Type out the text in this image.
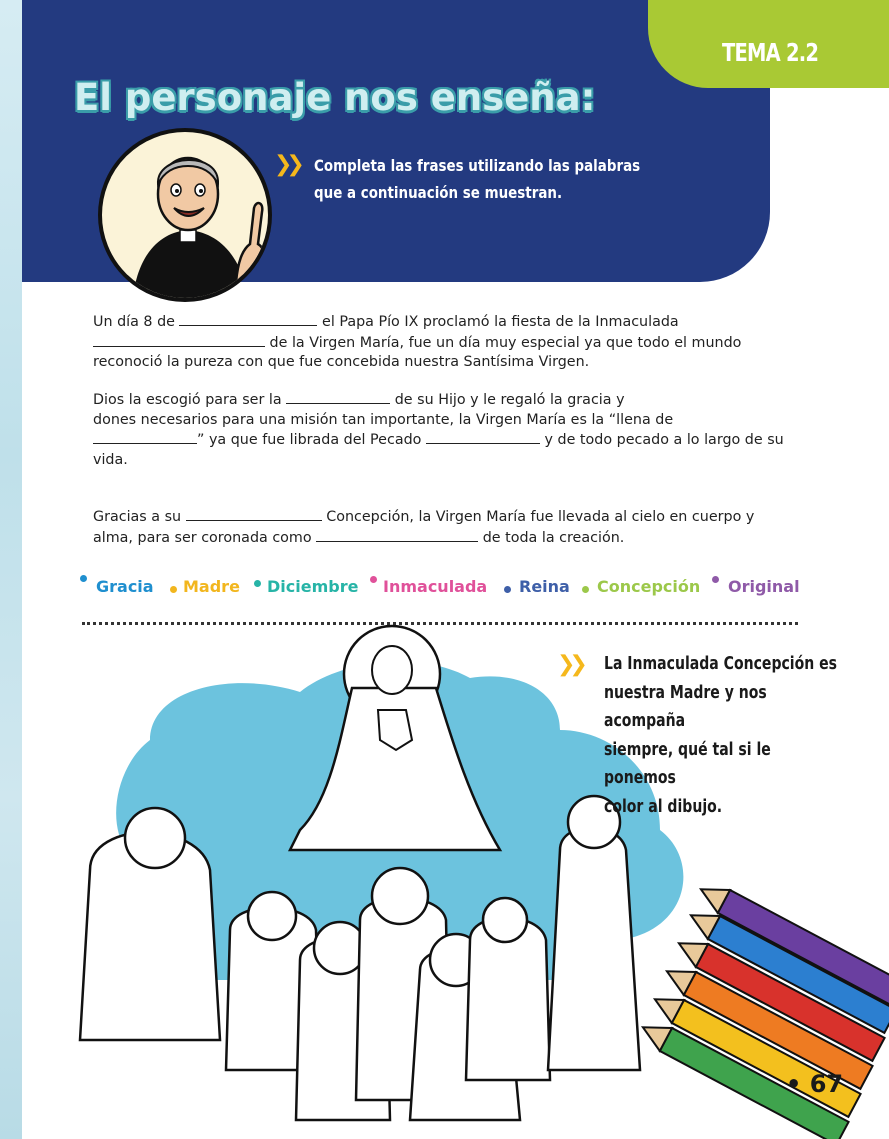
TEMA 2.2
El personaje nos enseña:
❯❯ Completa las frases utilizando las palabras
que a continuación se muestran.
Un día 8 de	el Papa Pío IX proclamó la fiesta de la Inmaculada
de la Virgen María, fue un día muy especial ya que todo el mundo
reconoció la pureza con que fue concebida nuestra Santísima Virgen.
Dios la escogió para ser la	de su Hijo y le regaló la gracia y
dones necesarios para una misión tan importante, la Virgen María es la “llena de
” ya que fue librada del Pecado	y de todo pecado a lo largo de su
vida.
Gracias a su	Concepción, la Virgen María fue llevada al cielo en cuerpo y
alma, para ser coronada como	de toda la creación.
Gracia Madre Diciembre Inmaculada Reina Concepción Original
❯❯ La Inmaculada Concepción es
nuestra Madre y nos acompaña
siempre, qué tal si le ponemos
color al dibujo.
• 67
